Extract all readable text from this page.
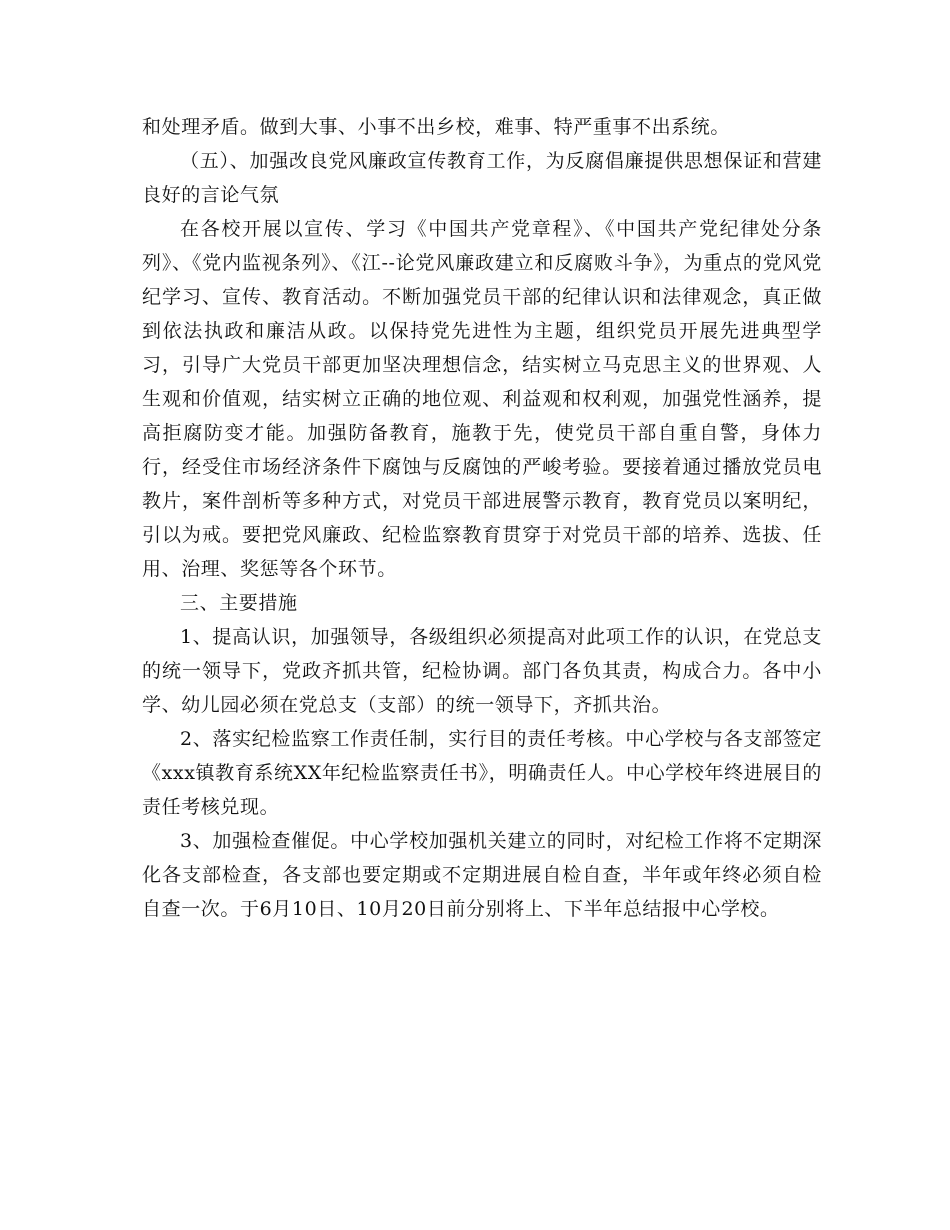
和处理矛盾。做到大事、小事不出乡校，难事、特严重事不出系统。

（五）、加强改良党风廉政宣传教育工作，为反腐倡廉提供思想保证和营建良好的言论气氛

在各校开展以宣传、学习《中国共产党章程》、《中国共产党纪律处分条列》、《党内监视条列》、《江--论党风廉政建立和反腐败斗争》，为重点的党风党纪学习、宣传、教育活动。不断加强党员干部的纪律认识和法律观念，真正做到依法执政和廉洁从政。以保持党先进性为主题，组织党员开展先进典型学习，引导广大党员干部更加坚决理想信念，结实树立马克思主义的世界观、人生观和价值观，结实树立正确的地位观、利益观和权利观，加强党性涵养，提高拒腐防变才能。加强防备教育，施教于先，使党员干部自重自警，身体力行，经受住市场经济条件下腐蚀与反腐蚀的严峻考验。要接着通过播放党员电教片，案件剖析等多种方式，对党员干部进展警示教育，教育党员以案明纪，引以为戒。要把党风廉政、纪检监察教育贯穿于对党员干部的培养、选拔、任用、治理、奖惩等各个环节。

三、主要措施

1、提高认识，加强领导，各级组织必须提高对此项工作的认识，在党总支的统一领导下，党政齐抓共管，纪检协调。部门各负其责，构成合力。各中小学、幼儿园必须在党总支（支部）的统一领导下，齐抓共治。

2、落实纪检监察工作责任制，实行目的责任考核。中心学校与各支部签定《xxx镇教育系统XX年纪检监察责任书》，明确责任人。中心学校年终进展目的责任考核兑现。

3、加强检查催促。中心学校加强机关建立的同时，对纪检工作将不定期深化各支部检查，各支部也要定期或不定期进展自检自查，半年或年终必须自检自查一次。于6月10日、10月20日前分别将上、下半年总结报中心学校。
